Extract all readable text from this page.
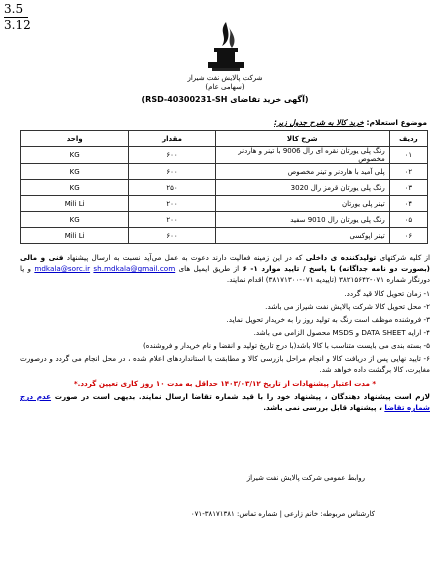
3.5
3.12
شرکت پالایش نفت شیراز
(سهامی عام)
(آگهی خرید تقاضای RSD-40300231-SH)
موضوع استعلام: خرید کالا به شرح جدول زیر:
ردیف	شرح کالا	مقدار	واحد
۰۱	رنگ پلی یورتان نقره ای رال 9006 با تینر و هاردنر مخصوص	۶۰۰	KG
۰۲	پلی آمید با هاردنر و تینر مخصوص	۶۰۰	KG
۰۳	رنگ پلی یورتان قرمز رال 3020	۲۵۰	KG
۰۴	تینر پلی یورتان	۲۰۰	Mili Li
۰۵	رنگ پلی یورتان رال 9010 سفید	۲۰۰	KG
۰۶	تینر اپوکسی	۶۰۰	Mili Li

از کلیه شرکتهای تولیدکننده ی داخلی که در این زمینه فعالیت دارند دعوت به عمل می‌آید نسبت به ارسال پیشنهاد فنی و مالی (بصورت دو نامه جداگانه) با پاسخ / تایید موارد ۱- ۶ از طریق ایمیل های mdkala@sorc.ir sh.mdkala@gmail.com و یا دورنگار شماره ۰۷۱-۳۸۲۱۵۶۴۲ (تاییدیه ۰۷۱-۳۸۱۷۱۳۰۰) اقدام نمایند.

۱- زمان تحویل کالا قید گردد.

۲- محل تحویل کالا شرکت پالایش نفت شیراز می باشد.

۳- فروشنده موظف است رنگ به تولید روز را به خریدار تحویل نماید.

۴- ارایه DATA SHEET و MSDS محصول الزامی می باشد.

۵- بسته بندی می بایست متناسب با کالا باشد(با درج تاریخ تولید و انقضا و نام خریدار و فروشنده)

۶- تایید نهایی پس از دریافت کالا و انجام مراحل بازرسی کالا و مطابقت با استانداردهای اعلام شده ، در محل انجام می گردد و درصورت مغایرت، کالا برگشت داده خواهد شد.

* مدت اعتبار پیشنهادات از تاریخ ۱۴۰۳/۰۳/۱۲ حداقل به مدت ۱۰ روز کاری تعیین گردد.*

لازم است پیشنهاد دهندگان ، پیشنهاد خود را با قید شماره تقاضا ارسال نمایند. بدیهی است در صورت عدم درج شماره تقاضا ، پیشنهاد قابل بررسی نمی باشد.

روابط عمومی شرکت پالایش نفت شیراز
کارشناس مربوطه: خانم زارعی | شماره تماس: ۳۸۱۷۱۳۸۱-۰۷۱
